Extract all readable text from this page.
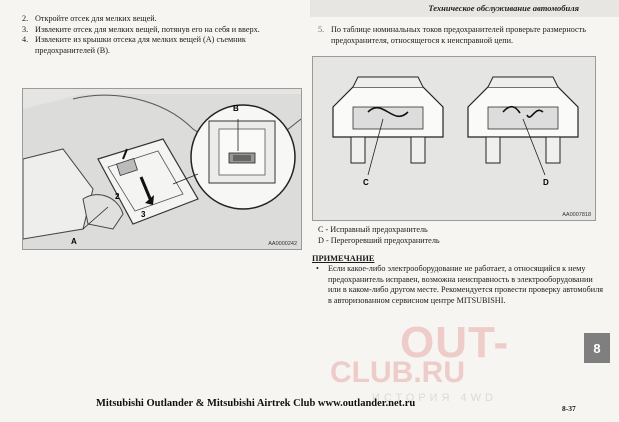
Техническое обслуживание автомобиля
2. Откройте отсек для мелких вещей.
3. Извлеките отсек для мелких вещей, потянув его на себя и вверх.
4. Извлеките из крышки отсека для мелких вещей (A) съемник предохранителей (B).
B
2
3
A	AA0000242
5. По таблице номинальных токов предохранителей проверьте размерность предохранителя, относящегося к неисправной цепи.
C	D
AA0007818
C - Исправный предохранитель
D - Перегоревший предохранитель
ПРИМЕЧАНИЕ
•	Если какое-либо электрооборудование не работает, а относящийся к нему предохранитель исправен, возможна неисправность в электрооборудовании или в каком-либо другом месте. Рекомендуется провести проверку автомобиля в авторизованном сервисном центре MITSUBISHI.
OUT-
CLUB.RU
ИСТОРИЯ 4WD
8
Mitsubishi Outlander & Mitsubishi Airtrek Club www.outlander.net.ru	8-37
